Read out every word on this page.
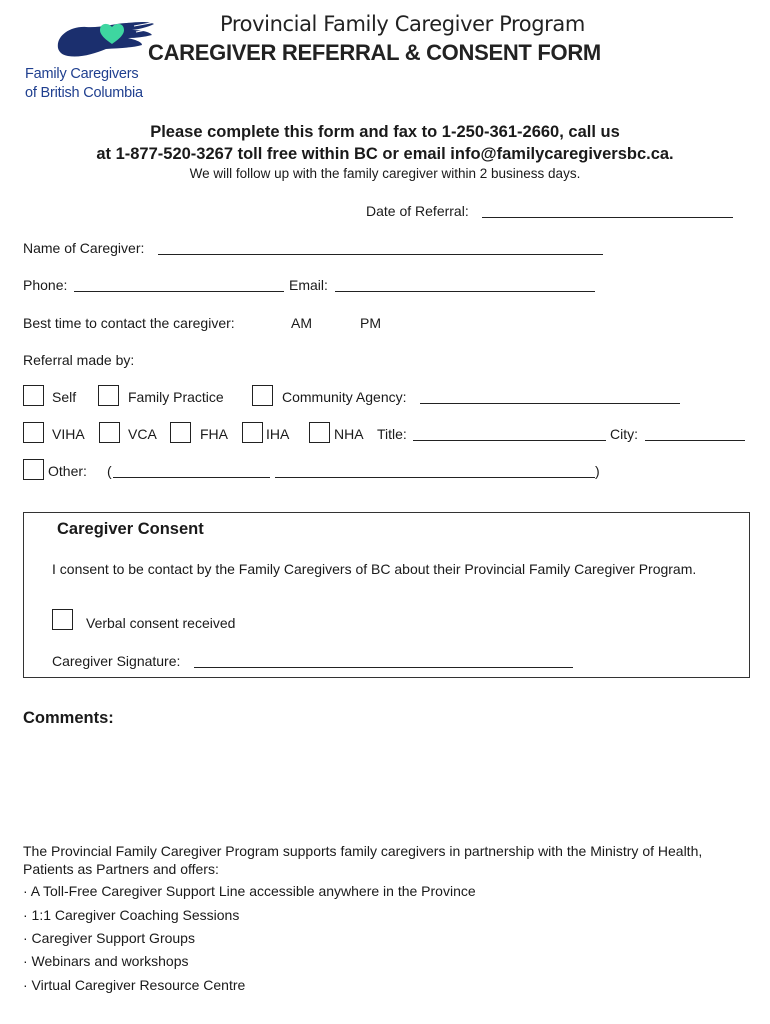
Family Caregivers
of British Columbia
Provincial Family Caregiver Program
CAREGIVER REFERRAL & CONSENT FORM
Please complete this form and fax to 1-250-361-2660, call us
at 1-877-520-3267 toll free within BC or email info@familycaregiversbc.ca.
We will follow up with the family caregiver within 2 business days.
Date of Referral:
Name of Caregiver:
Phone:	Email:
Best time to contact the caregiver:	AM	PM
Referral made by:
Self	Family Practice	Community Agency:
VIHA	VCA	FHA	IHA	NHA Title:	City:
Other: (	)
Caregiver Consent
I consent to be contact by the Family Caregivers of BC about their Provincial Family Caregiver Program.
Verbal consent received
Caregiver Signature:
Comments:
The Provincial Family Caregiver Program supports family caregivers in partnership with the Ministry of Health, Patients as Partners and offers:
· A Toll-Free Caregiver Support Line accessible anywhere in the Province
· 1:1 Caregiver Coaching Sessions
· Caregiver Support Groups
· Webinars and workshops
· Virtual Caregiver Resource Centre
